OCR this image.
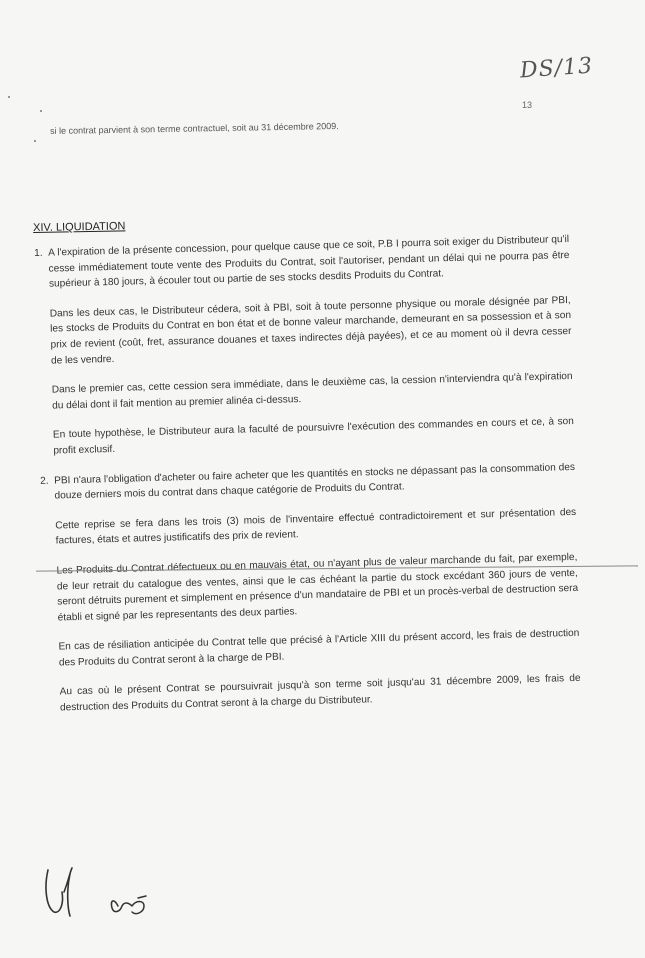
DS/13
13
si le contrat parvient à son terme contractuel, soit au 31 décembre 2009.
XIV. LIQUIDATION
1. A l'expiration de la présente concession, pour quelque cause que ce soit, P.B I pourra soit exiger du Distributeur qu'il cesse immédiatement toute vente des Produits du Contrat, soit l'autoriser, pendant un délai qui ne pourra pas être supérieur à 180 jours, à écouler tout ou partie de ses stocks desdits Produits du Contrat.

Dans les deux cas, le Distributeur cédera, soit à PBI, soit à toute personne physique ou morale désignée par PBI, les stocks de Produits du Contrat en bon état et de bonne valeur marchande, demeurant en sa possession et à son prix de revient (coût, fret, assurance douanes et taxes indirectes déjà payées), et ce au moment où il devra cesser de les vendre.

Dans le premier cas, cette cession sera immédiate, dans le deuxième cas, la cession n'interviendra qu'à l'expiration du délai dont il fait mention au premier alinéa ci-dessus.

En toute hypothèse, le Distributeur aura la faculté de poursuivre l'exécution des commandes en cours et ce, à son profit exclusif.

2. PBI n'aura l'obligation d'acheter ou faire acheter que les quantités en stocks ne dépassant pas la consommation des douze derniers mois du contrat dans chaque catégorie de Produits du Contrat.

Cette reprise se fera dans les trois (3) mois de l'inventaire effectué contradictoirement et sur présentation des factures, états et autres justificatifs des prix de revient.

Les Produits du Contrat défectueux ou en mauvais état, ou n'ayant plus de valeur marchande du fait, par exemple, de leur retrait du catalogue des ventes, ainsi que le cas échéant la partie du stock excédant 360 jours de vente, seront détruits purement et simplement en présence d'un mandataire de PBI et un procès-verbal de destruction sera établi et signé par les representants des deux parties.

En cas de résiliation anticipée du Contrat telle que précisé à l'Article XIII du présent accord, les frais de destruction des Produits du Contrat seront à la charge de PBI.

Au cas où le présent Contrat se poursuivrait jusqu'à son terme soit jusqu'au 31 décembre 2009, les frais de destruction des Produits du Contrat seront à la charge du Distributeur.
